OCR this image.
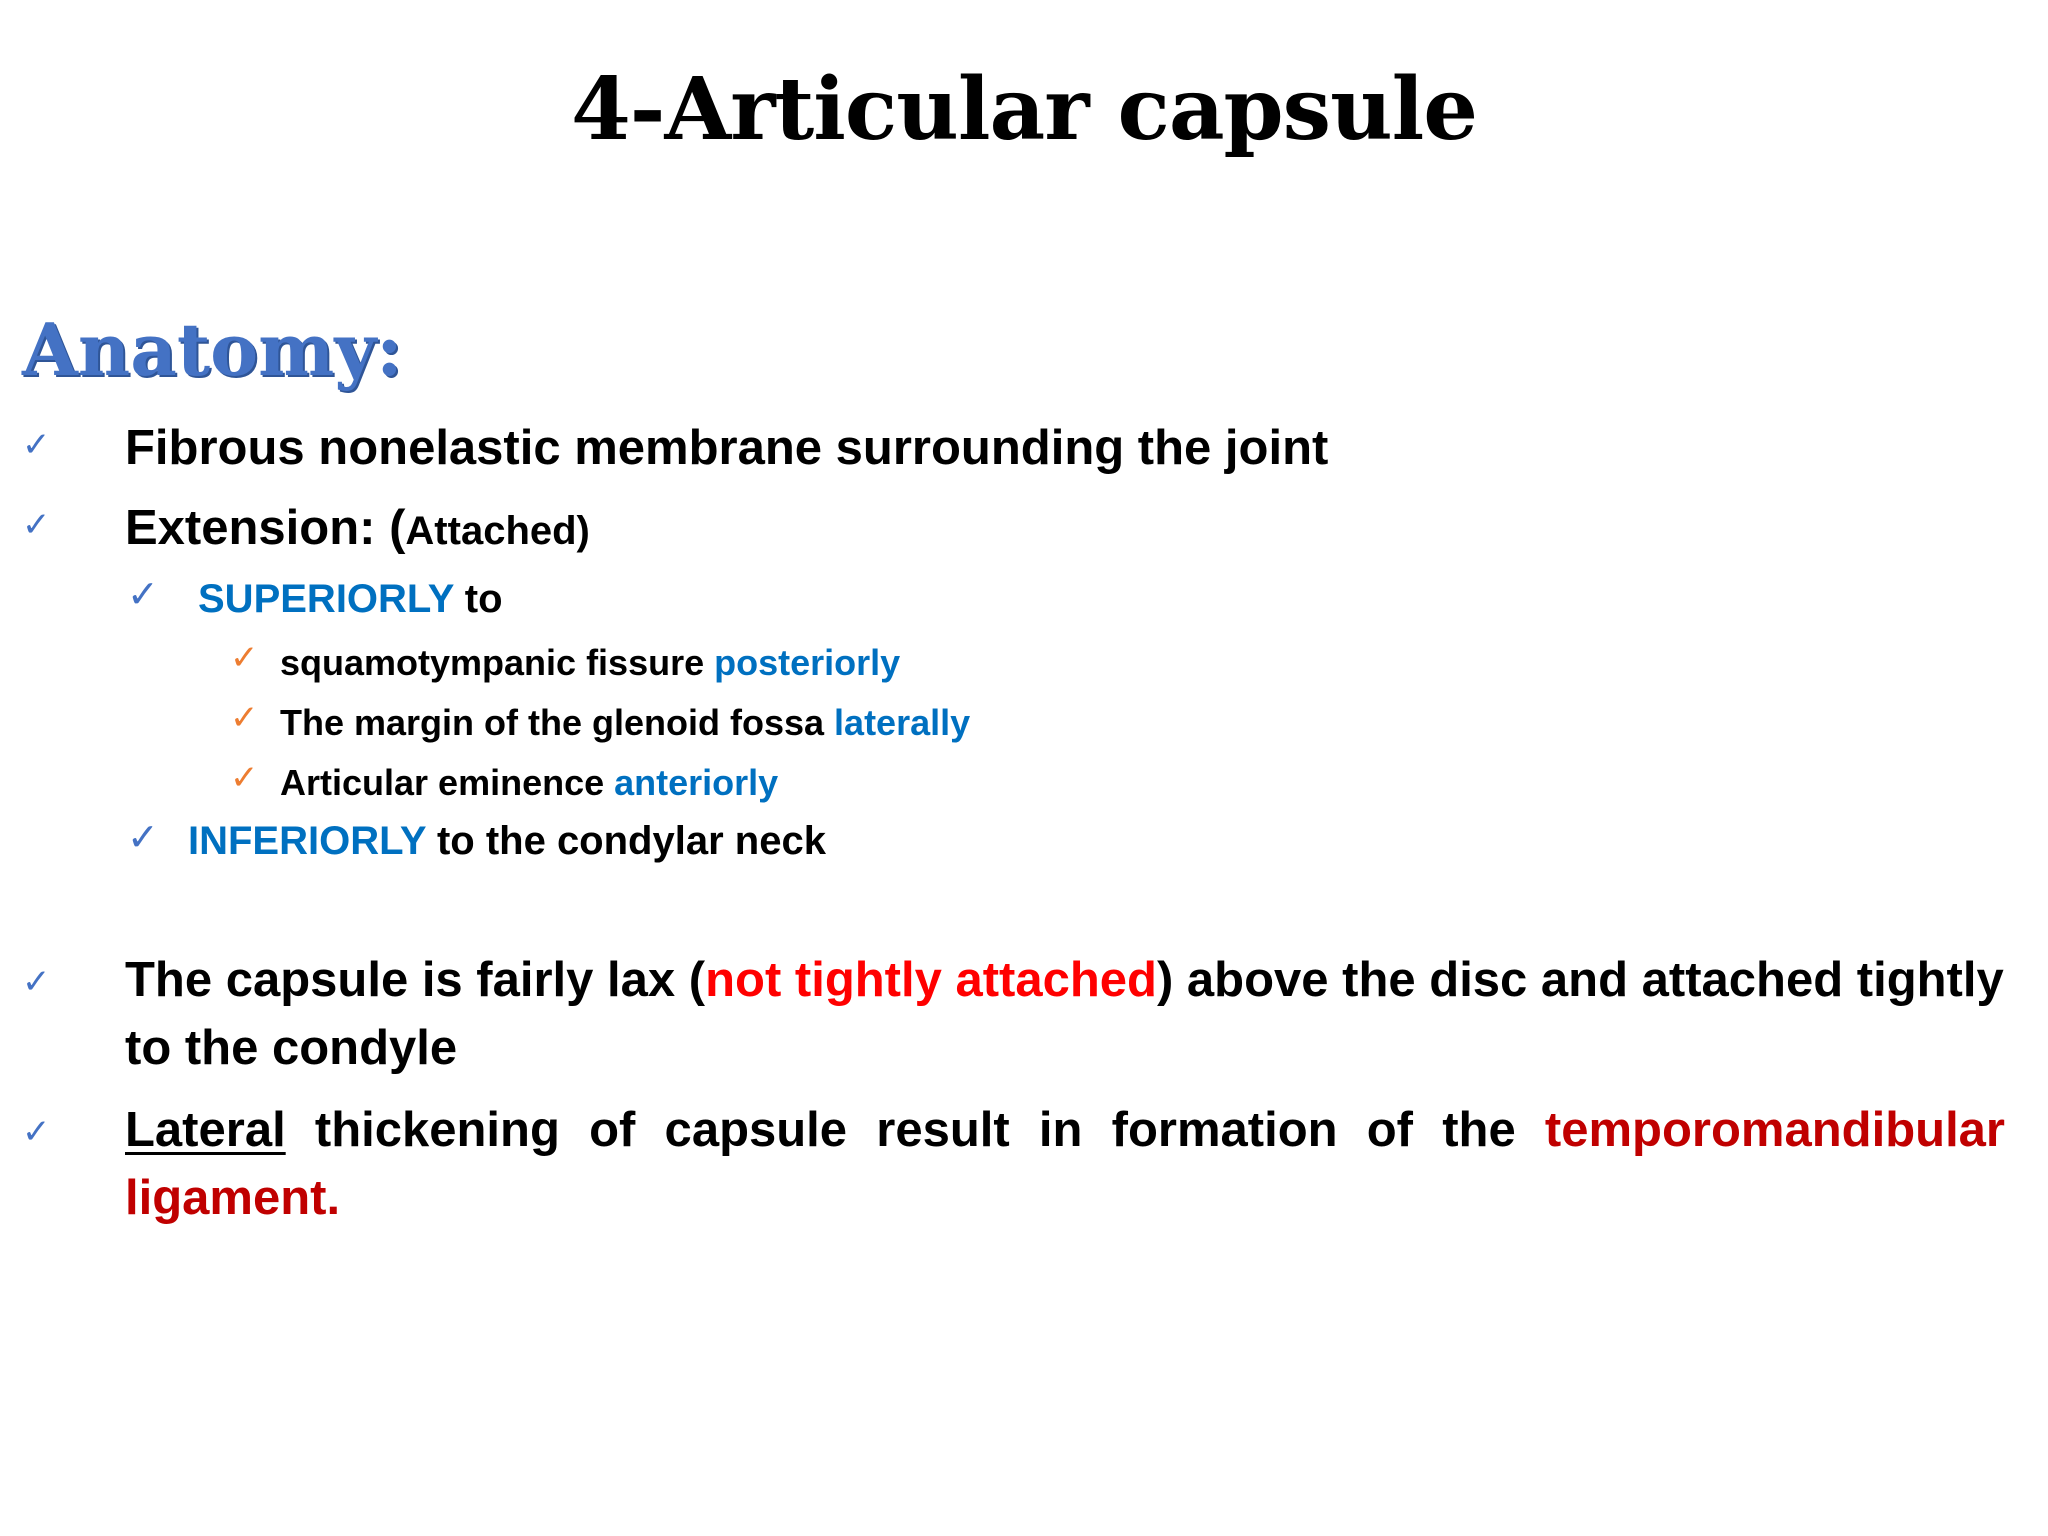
4-Articular capsule
Anatomy:
✓ Fibrous nonelastic membrane surrounding the joint
✓ Extension: (Attached)
✓ SUPERIORLY to
✓ squamotympanic fissure posteriorly
✓ The margin of the glenoid fossa laterally
✓ Articular eminence anteriorly
✓ INFERIORLY to the condylar neck
✓ The capsule is fairly lax (not tightly attached) above the disc and attached tightly to the condyle
✓ Lateral thickening of capsule result in formation of the temporomandibular ligament.
